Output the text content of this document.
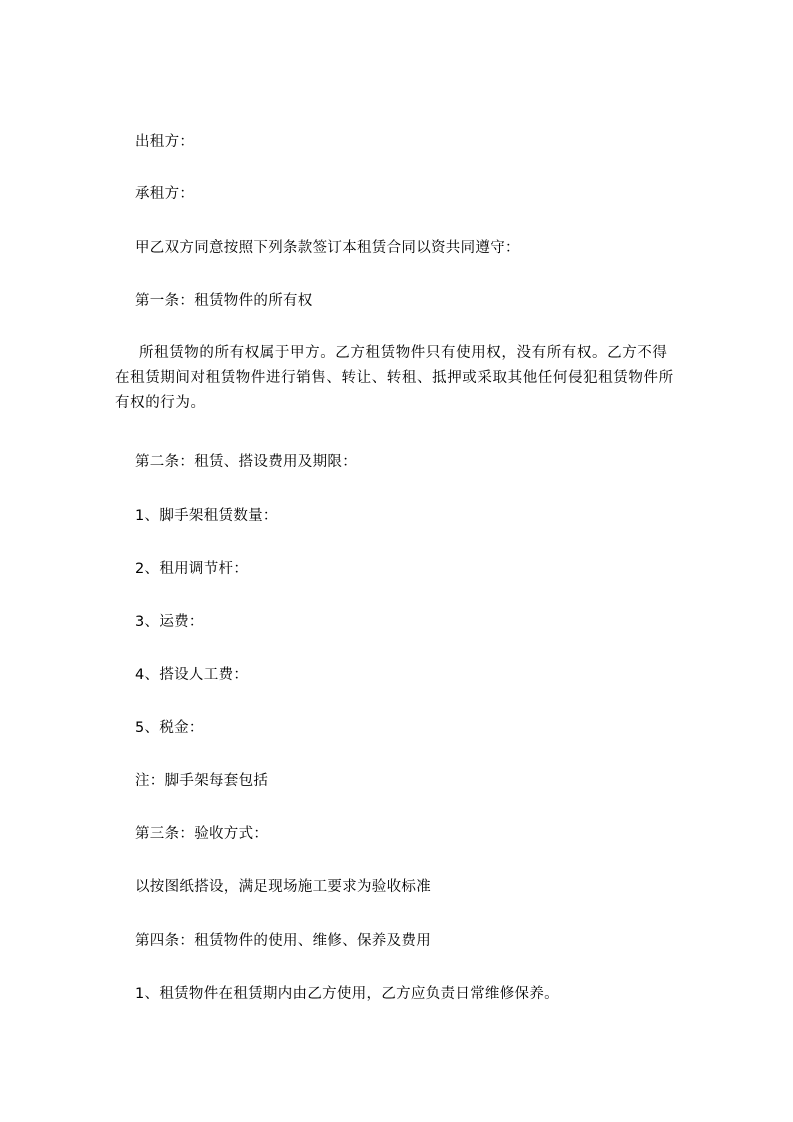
出租方：
承租方：
甲乙双方同意按照下列条款签订本租赁合同以资共同遵守：
第一条：租赁物件的所有权
所租赁物的所有权属于甲方。乙方租赁物件只有使用权，没有所有权。乙方不得
在租赁期间对租赁物件进行销售、转让、转租、抵押或采取其他任何侵犯租赁物件所
有权的行为。
第二条：租赁、搭设费用及期限：
1、脚手架租赁数量：
2、租用调节杆：
3、运费：
4、搭设人工费：
5、税金：
注：脚手架每套包括
第三条：验收方式：
以按图纸搭设，满足现场施工要求为验收标准
第四条：租赁物件的使用、维修、保养及费用
1、租赁物件在租赁期内由乙方使用，乙方应负责日常维修保养。
